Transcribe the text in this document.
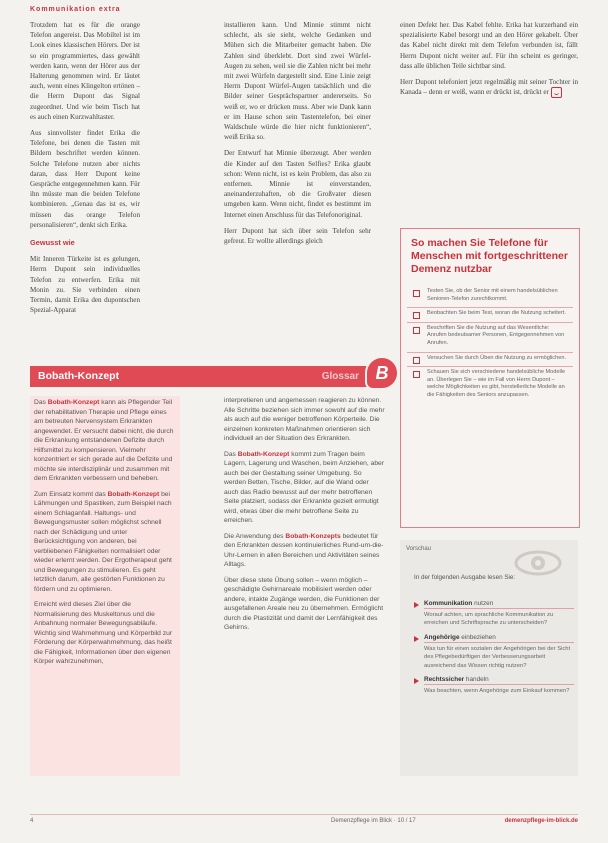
Kommunikation extra

Trotzdem hat es für die orange Telefon angereist. Das Mobiltel ist im Look eines klassischen Hörers. Der ist so ein programmiertes, dass gewählt werden kann, wenn der Hörer aus der Halterung genommen wird. Er läutet auch, wenn eines Klingelton ertönen – die Herrn Dupont das Signal zugeordnet. Und wie beim Tisch hat es auch einen Kurzwahltaster.

Aus sinnvollster findet Erika die Telefone, bei denen die Tasten mit Bildern beschriftet werden können. Solche Telefone nutzen aber nichts daran, dass Herr Dupont keine Gespräche entgegennehmen kann. Für ihn müsste man die beiden Telefone kombinieren. „Genau das ist es, wir müssen das orange Telefon personalisieren“, denkt sich Erika.

Gewusst wie

Mit Inneren Türkeite ist es gelungen, Herrn Dupont sein individuelles Telefon zu entwerfen. Erika mit Monin zu. Sie verbinden einen Termin, damit Erika den dupontschen Spezial-Apparat

installieren kann. Und Minnie stimmt nicht schlecht, als sie sieht, welche Gedanken und Mühen sich die Mitarbeiter gemacht haben. Die Zahlen sind überklebt. Dort sind zwei Würfel-Augen zu sehen, weil sie die Zahlen nicht bei mehr mit zwei Würfeln dargestellt sind. Eine Linie zeigt Herrn Dupont Würfel-Augen tatsächlich und die Bilder seiner Gesprächspartner andererseits. So weiß er, wo er drücken muss. Aber wie Dank kann er im Hause schon sein Tastentelefon, bei einer Waldschule würde die hier nicht funktionieren“, weiß Erika so.

Der Entwurf hat Minnie überzeugt. Aber werden die Kinder auf den Tasten Selfies? Erika glaubt schon: Wenn nicht, ist es kein Problem, das also zu entfernen. Minnie ist einverstanden, aneinanderzuhaften, ob die Großvater diesen umgeben kann. Wenn nicht, findet es bestimmt im Internet einen Anschluss für das Telefonoriginal.

Herr Dupont hat sich über sein Telefon sehr gefreut. Er wollte allerdings gleich

einen Defekt her. Das Kabel fehlte. Erika hat kurzerhand ein spezialisierte Kabel besorgt und an den Hörer gekabelt. Über das Kabel nicht direkt mit dem Telefon verbunden ist, fällt Herrn Dupont nicht weiter auf. Für ihn scheint es geringer, dass alle üblichen Teile sichtbar sind.

Herr Dupont telefoniert jetzt regelmäßig mit seiner Tochter in Kanada – denn er weiß, wann er drückt ist, drückt er

So machen Sie Telefone für Menschen mit fortgeschrittener Demenz nutzbar
Testen Sie, ob der Senior mit einem handelsüblichen Senioren-Telefon zurechtkommt.
Beobachten Sie beim Test, woran die Nutzung scheitert.
Beschriften Sie die Nutzung auf das Wesentliche: Anrufen bedeutsamer Personen, Entgegennehmen von Anrufen.
Versuchen Sie durch Üben die Nutzung zu ermöglichen.
Schauen Sie sich verschiedene handelsübliche Modelle an. Überlegen Sie – wie im Fall von Herrn Dupont – welche Möglichkeiten es gibt, herstellerliche Modelle an die Fähigkeiten des Seniors anzupassen.
Bobath-Konzept	Glossar B

Das Bobath-Konzept kann als Pflegender Teil der rehabilitativen Therapie und Pflege eines am betreuten Nervensystem Erkrankten angewendet. Er versucht dabei nicht, die durch die Erkrankung entstandenen Defizite durch Hilfsmittel zu kompensieren. Vielmehr konzentriert er sich gerade auf die Defizite und möchte sie interdisziplinär und zusammen mit dem Erkrankten verbessern und beheben.

Zum Einsatz kommt das Bobath-Konzept bei Lähmungen und Spastiken, zum Beispiel nach einem Schlaganfall. Haltungs- und Bewegungsmuster sollen möglichst schnell nach der Schädigung und unter Berücksichtigung von anderen, bei verbliebenen Fähigkeiten normalisiert oder wieder erlernt werden. Der Ergotherapeut geht und Bewegungen zu stimulieren. Es geht letztlich darum, alle gestörten Funktionen zu fördern und zu optimieren.

Erreicht wird dieses Ziel über die Normalisierung des Muskeltonus und die Anbahnung normaler Bewegungsabläufe. Wichtig sind Wahrnehmung und Körperbild zur Förderung der Körperwahrnehmung, das heißt die Fähigkeit, Informationen über den eigenen Körper wahrzunehmen,

interpretieren und angemessen reagieren zu können. Alle Schritte beziehen sich immer sowohl auf die mehr als auch auf die weniger betroffenen Körperteile. Die einzelnen konkreten Maßnahmen orientieren sich individuell an der Situation des Erkrankten.

Das Bobath-Konzept kommt zum Tragen beim Lagern, Lagerung und Waschen, beim Anziehen, aber auch bei der Gestaltung seiner Umgebung. So werden Betten, Tische, Bilder, auf die Wand oder auch das Radio bewusst auf der mehr betroffenen Seite platziert, sodass der Erkrankte gezielt ermutigt wird, etwas über die mehr betroffene Seite zu erreichen.

Die Anwendung des Bobath-Konzepts bedeutet für den Erkrankten dessen kontinuierliches Rund-um-die-Uhr-Lernen in allen Bereichen und Aktivitäten seines Alltags.

Über diese stete Übung sollen – wenn möglich – geschädigte Gehirnareale mobilisiert werden oder andere, intakte Zugänge werden, die Funktionen der ausgefallenen Areale neu zu übernehmen. Ermöglicht durch die Plastizität und damit der Lernfähigkeit des Gehirns.

Vorschau
In der folgenden Ausgabe lesen Sie:
Kommunikation nutzen
Worauf achten, um sprachliche Kommunikation zu erreichen und Schriftsprache zu unterscheiden?
Angehörige einbeziehen
Was tun für einen sozialen der Angehörigen bei der Sicht des Pflegebedürftigen der Verbesserungsarbeit ausreichend das Wissen richtig nutzen?
Rechtssicher handeln
Was beachten, wenn Angehörige zum Einkauf kommen?
4	Demenzpflege im Blick · 10 / 17	demenzpflege-im-blick.de
